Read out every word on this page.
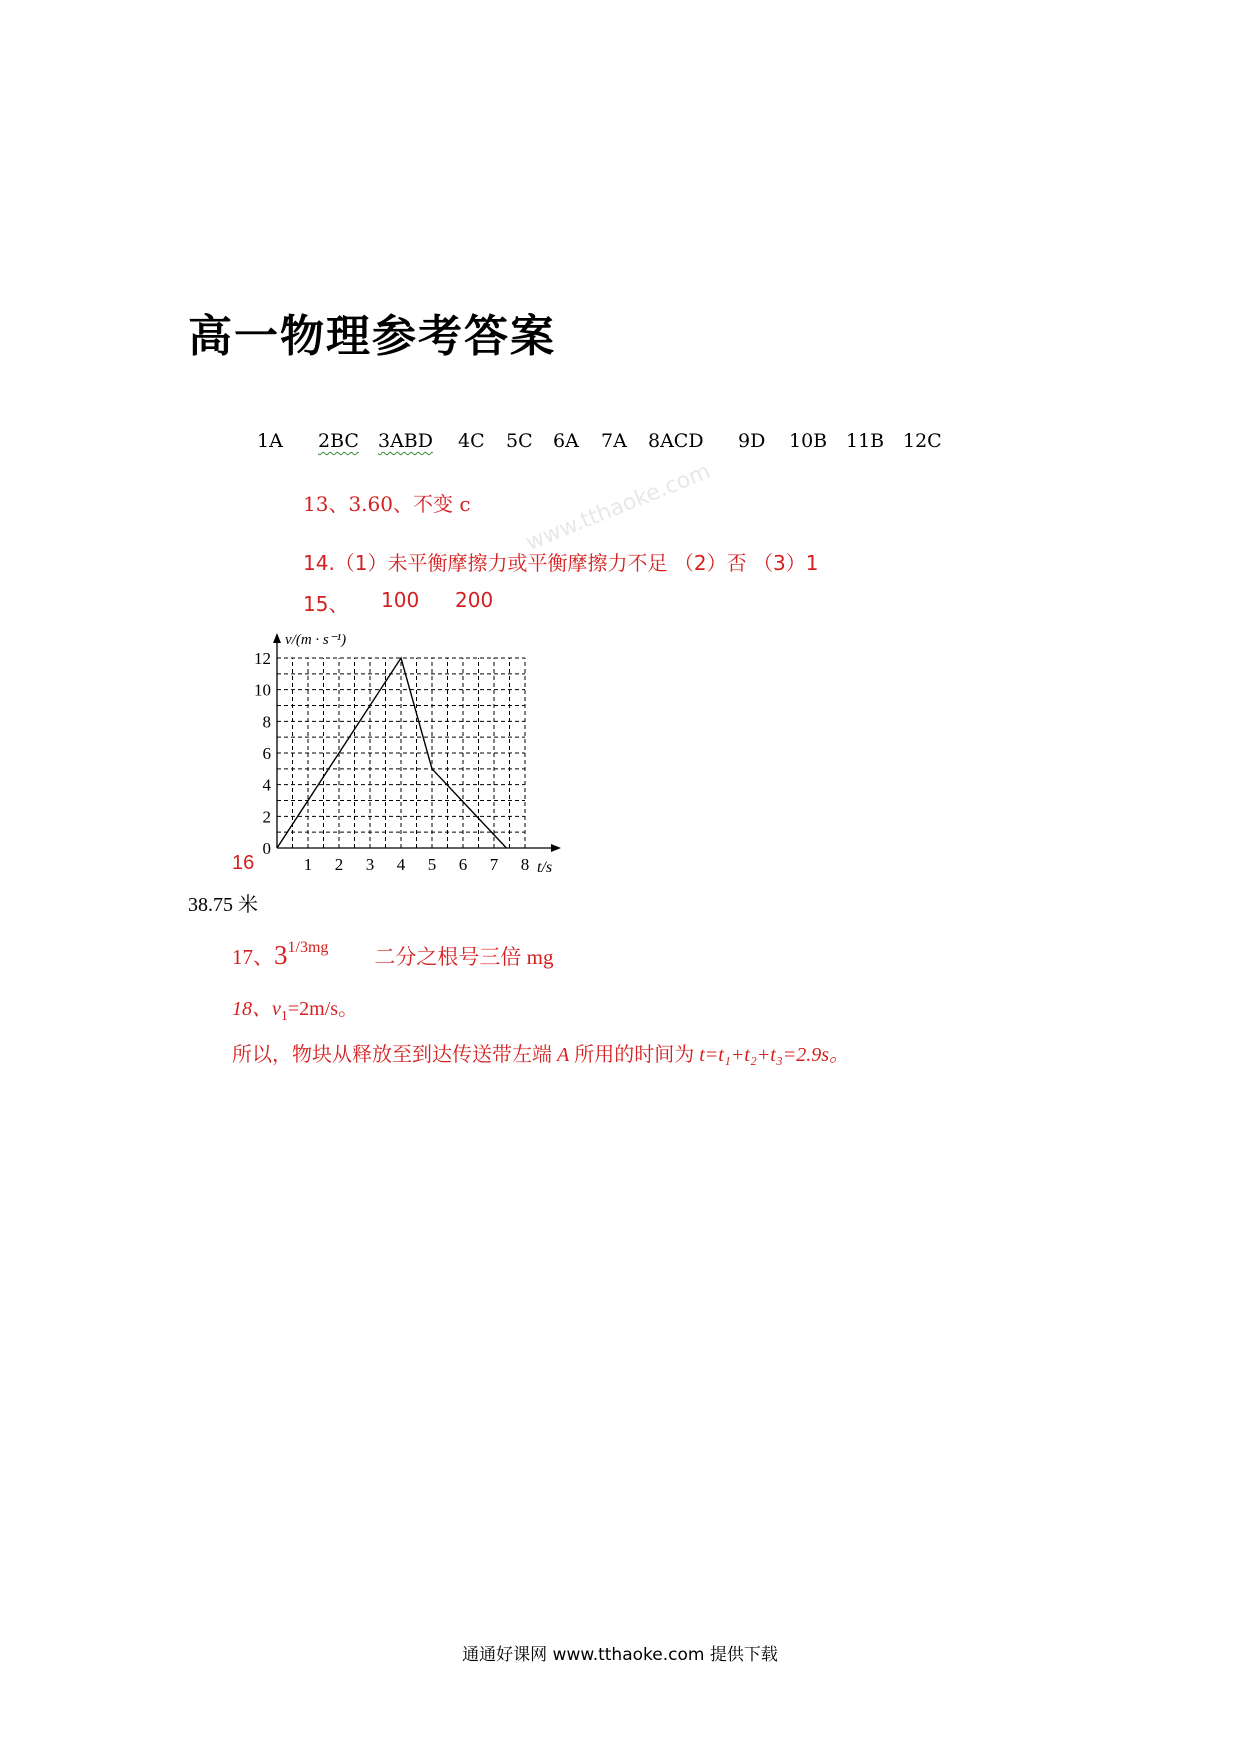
高一物理参考答案
www.tthaoke.com
1A 2BC 3ABD 4C 5C 6A 7A 8ACD 9D 10B 11B 12C
13、3.60、不变 c
14.（1）未平衡摩擦力或平衡摩擦力不足 （2）否 （3）1
15、 100 200
0
2
4
6
8
10
12
1 2 3 4 5 6 7 8
v/(m · s⁻¹)
t/s
16
38.75 米
17、$3^{1/3mg}$ 二分之根号三倍 mg
18、$v_1=2m/s$。
所以，物块从释放至到达传送带左端 A 所用的时间为 t=t₁+t₂+t₃=2.9s。
通通好课网 www.tthaoke.com 提供下载
